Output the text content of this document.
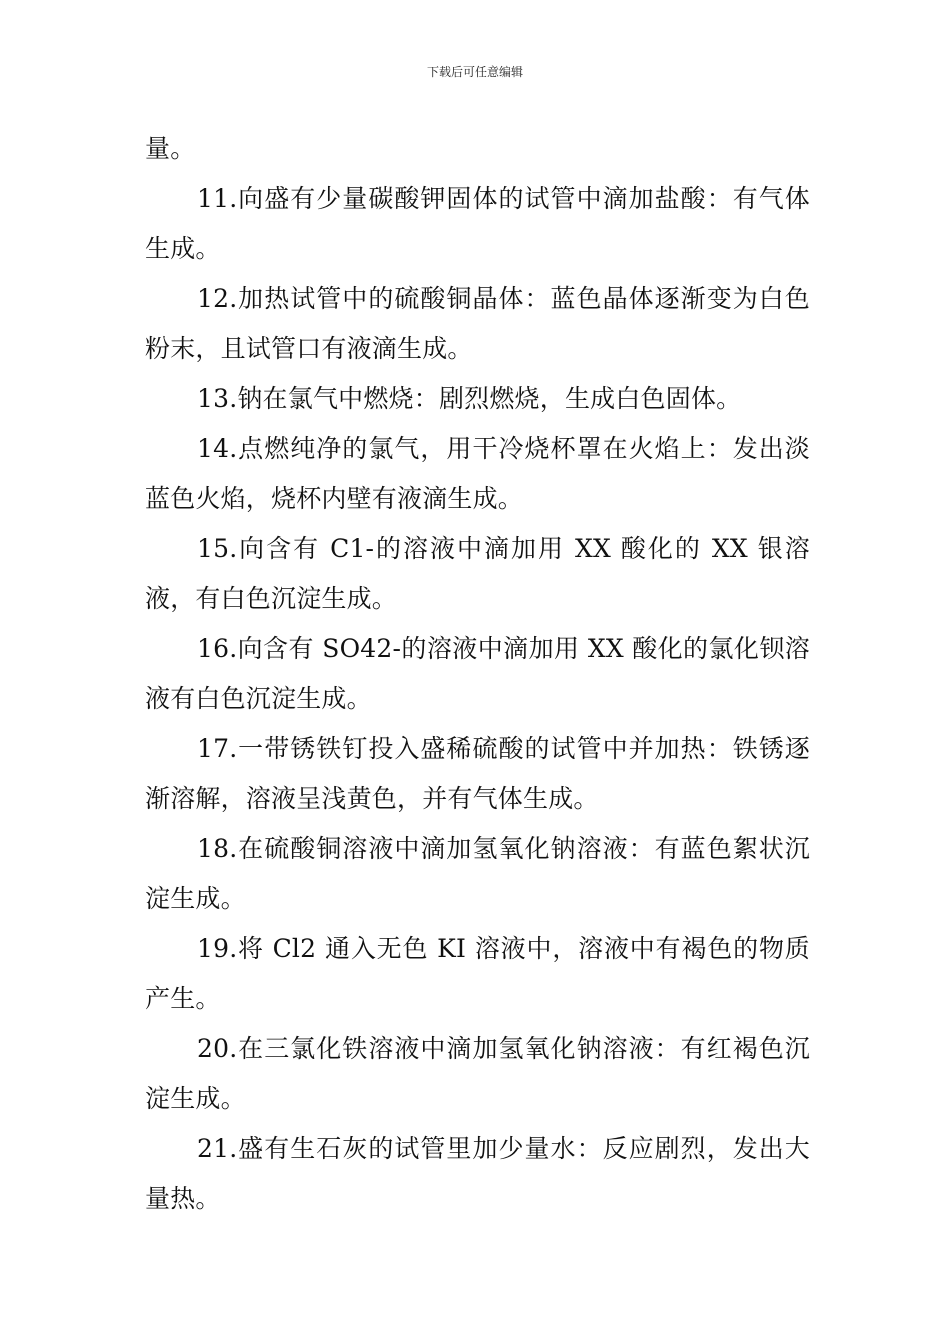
下载后可任意编辑

量。

11.向盛有少量碳酸钾固体的试管中滴加盐酸：有气体生成。

12.加热试管中的硫酸铜晶体：蓝色晶体逐渐变为白色粉末，且试管口有液滴生成。

13.钠在氯气中燃烧：剧烈燃烧，生成白色固体。

14.点燃纯净的氯气，用干冷烧杯罩在火焰上：发出淡蓝色火焰，烧杯内壁有液滴生成。

15.向含有 C1-的溶液中滴加用 XX 酸化的 XX 银溶液，有白色沉淀生成。

16.向含有 SO42-的溶液中滴加用 XX 酸化的氯化钡溶液有白色沉淀生成。

17.一带锈铁钉投入盛稀硫酸的试管中并加热：铁锈逐渐溶解，溶液呈浅黄色，并有气体生成。

18.在硫酸铜溶液中滴加氢氧化钠溶液：有蓝色絮状沉淀生成。

19.将 Cl2 通入无色 KI 溶液中，溶液中有褐色的物质产生。

20.在三氯化铁溶液中滴加氢氧化钠溶液：有红褐色沉淀生成。

21.盛有生石灰的试管里加少量水：反应剧烈，发出大量热。
